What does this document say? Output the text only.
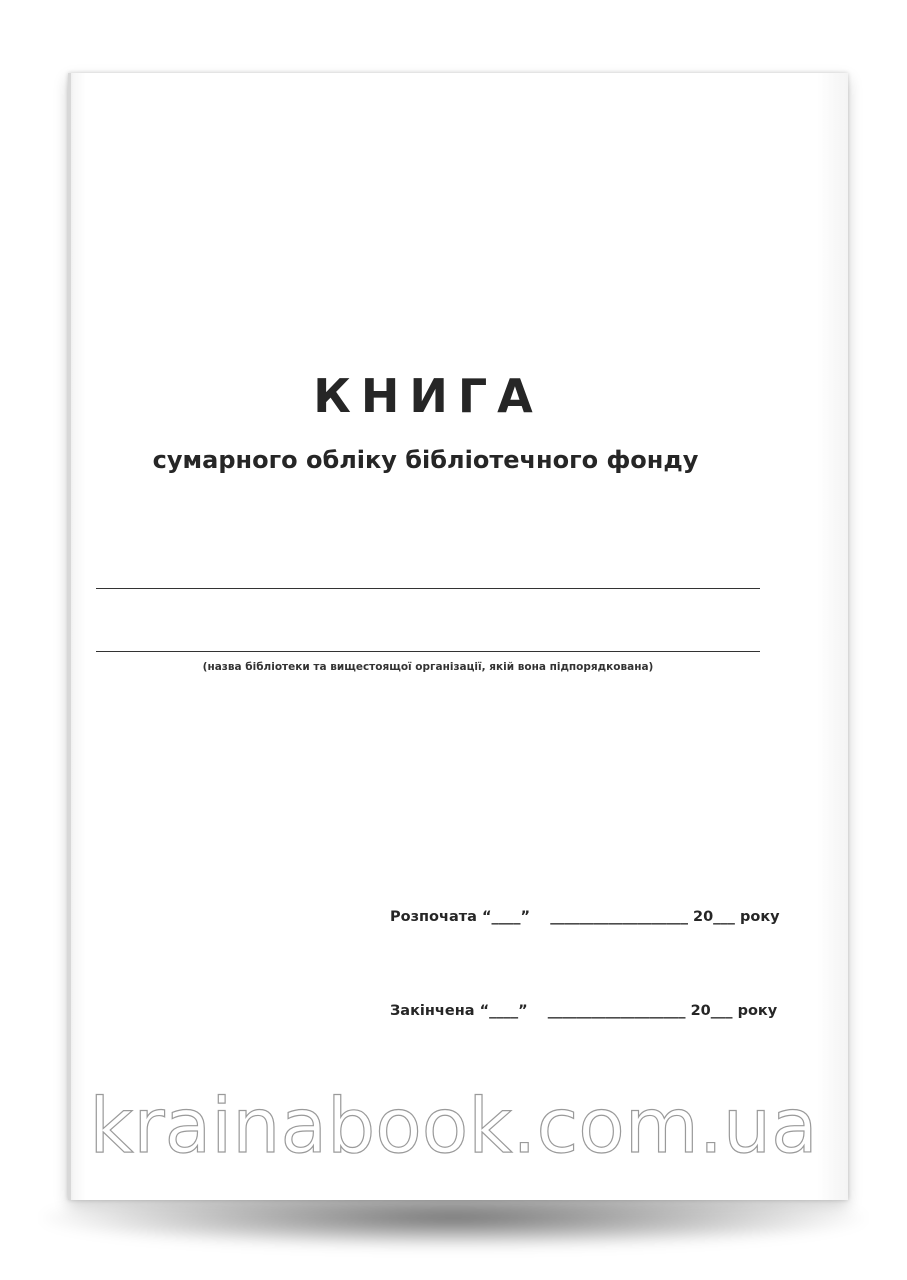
КНИГА
сумарного обліку бібліотечного фонду
(назва бібліотеки та вищестоящої організації, якій вона підпорядкована)
Розпочата “____” ___________________ 20___ року
Закінчена “____” ___________________ 20___ року
krainabook.com.ua
